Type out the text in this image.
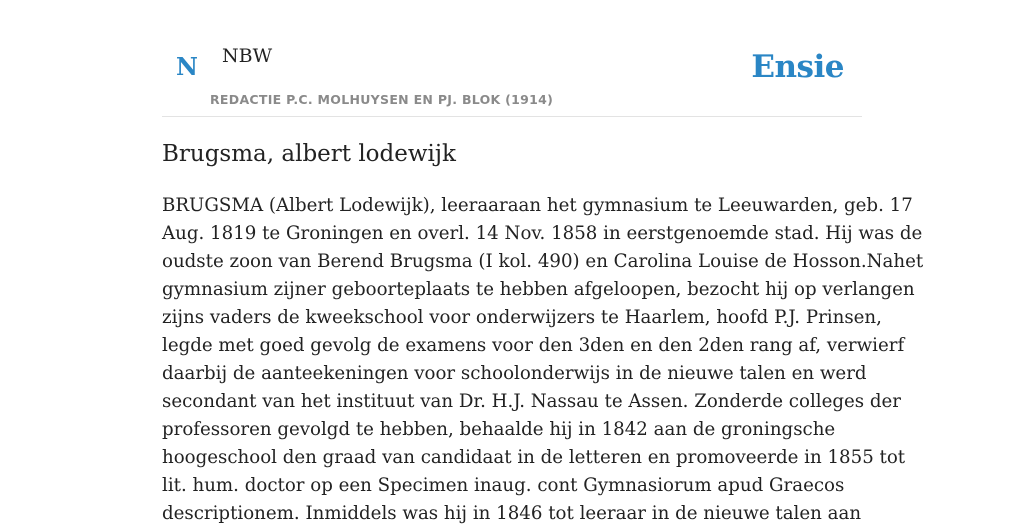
N NBW
REDACTIE P.C. MOLHUYSEN EN PJ. BLOK (1914)
Ensie
Brugsma, albert lodewijk

BRUGSMA (Albert Lodewijk), leeraaraan het gymnasium te Leeuwarden, geb. 17
Aug. 1819 te Groningen en overl. 14 Nov. 1858 in eerstgenoemde stad. Hij was de
oudste zoon van Berend Brugsma (I kol. 490) en Carolina Louise de Hosson.Nahet
gymnasium zijner geboorteplaats te hebben afgeloopen, bezocht hij op verlangen
zijns vaders de kweekschool voor onderwijzers te Haarlem, hoofd P.J. Prinsen,
legde met goed gevolg de examens voor den 3den en den 2den rang af, verwierf
daarbij de aanteekeningen voor schoolonderwijs in de nieuwe talen en werd
secondant van het instituut van Dr. H.J. Nassau te Assen. Zonderde colleges der
professoren gevolgd te hebben, behaalde hij in 1842 aan de groningsche
hoogeschool den graad van candidaat in de letteren en promoveerde in 1855 tot
lit. hum. doctor op een Specimen inaug. cont Gymnasiorum apud Graecos
descriptionem. Inmiddels was hij in 1846 tot leeraar in de nieuwe talen aan
